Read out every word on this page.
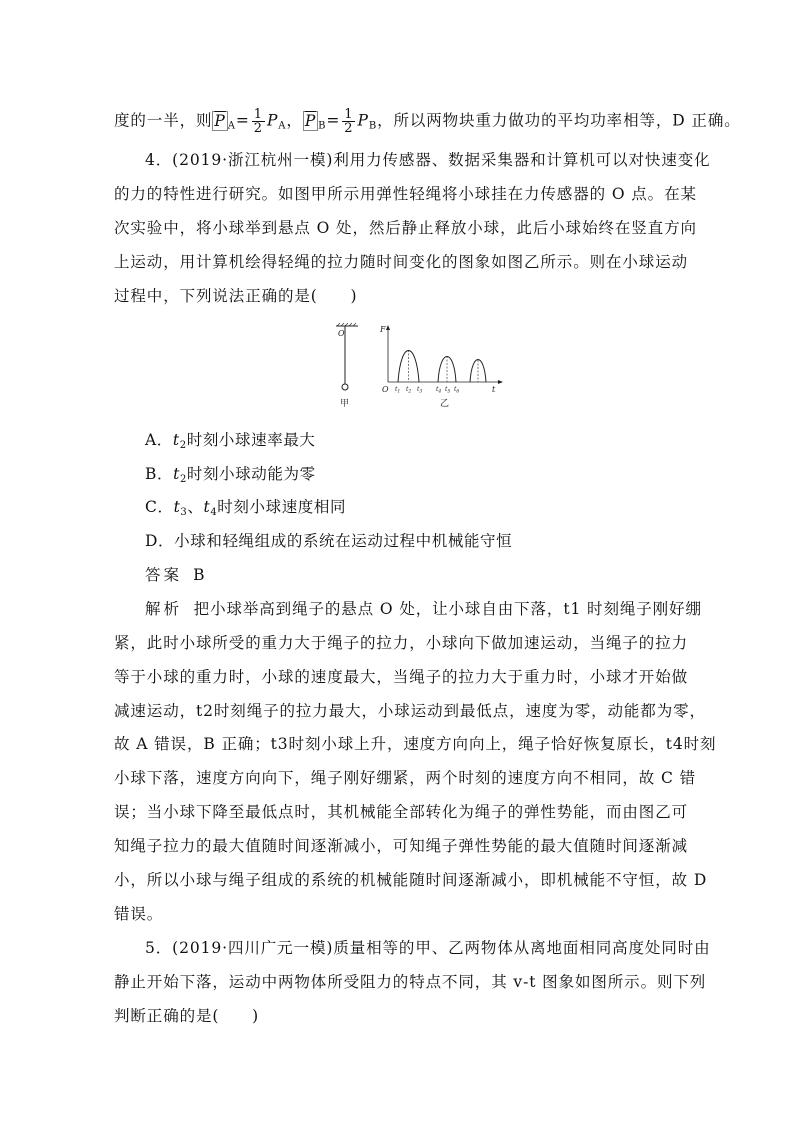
度的一半，则 $\overline{P}$ $_A= \frac{1}{2} P_A$， $\overline{P}$ $_B= \frac{1}{2} P_B$，所以两物块重力做功的平均功率相等，D 正确。
4．(2019·浙江杭州一模)利用力传感器、数据采集器和计算机可以对快速变化
的力的特性进行研究。如图甲所示用弹性轻绳将小球挂在力传感器的 O 点。在某
次实验中，将小球举到悬点 O 处，然后静止释放小球，此后小球始终在竖直方向
上运动，用计算机绘得轻绳的拉力随时间变化的图象如图乙所示。则在小球运动
过程中，下列说法正确的是(　　)
O
甲
F
t
O $t_1$ $t_2$ $t_3$ $t_4$ $t_5$ $t_6$
乙
A．$t_2$时刻小球速率最大
B．$t_2$时刻小球动能为零
C．$t_3$、$t_4$时刻小球速度相同
D．小球和轻绳组成的系统在运动过程中机械能守恒
答案 B
解析 把小球举高到绳子的悬点 O 处，让小球自由下落，t1 时刻绳子刚好绷
紧，此时小球所受的重力大于绳子的拉力，小球向下做加速运动，当绳子的拉力
等于小球的重力时，小球的速度最大，当绳子的拉力大于重力时，小球才开始做
减速运动，t2时刻绳子的拉力最大，小球运动到最低点，速度为零，动能都为零，
故 A 错误，B 正确；t3时刻小球上升，速度方向向上，绳子恰好恢复原长，t4时刻
小球下落，速度方向向下，绳子刚好绷紧，两个时刻的速度方向不相同，故 C 错
误；当小球下降至最低点时，其机械能全部转化为绳子的弹性势能，而由图乙可
知绳子拉力的最大值随时间逐渐减小，可知绳子弹性势能的最大值随时间逐渐减
小，所以小球与绳子组成的系统的机械能随时间逐渐减小，即机械能不守恒，故 D
错误。
5．(2019·四川广元一模)质量相等的甲、乙两物体从离地面相同高度处同时由
静止开始下落，运动中两物体所受阻力的特点不同，其 v-t 图象如图所示。则下列
判断正确的是(　　)
